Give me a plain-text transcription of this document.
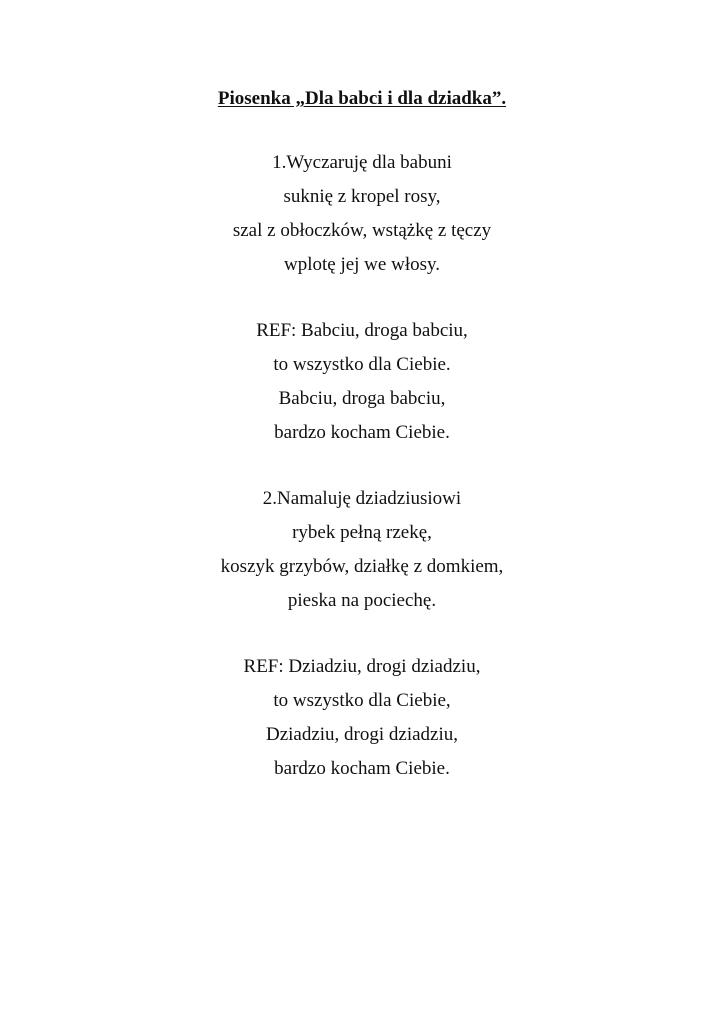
Piosenka „Dla babci i dla dziadka”.
1.Wyczaruję dla babuni
suknię z kropel rosy,
szal z obłoczków, wstążkę z tęczy
wplotę jej we włosy.
REF: Babciu, droga babciu,
to wszystko dla Ciebie.
Babciu, droga babciu,
bardzo kocham Ciebie.
2.Namaluję dziadziusiowi
rybek pełną rzekę,
koszyk grzybów, działkę z domkiem,
pieska na pociechę.
REF: Dziadziu, drogi dziadziu,
to wszystko dla Ciebie,
Dziadziu, drogi dziadziu,
bardzo kocham Ciebie.
